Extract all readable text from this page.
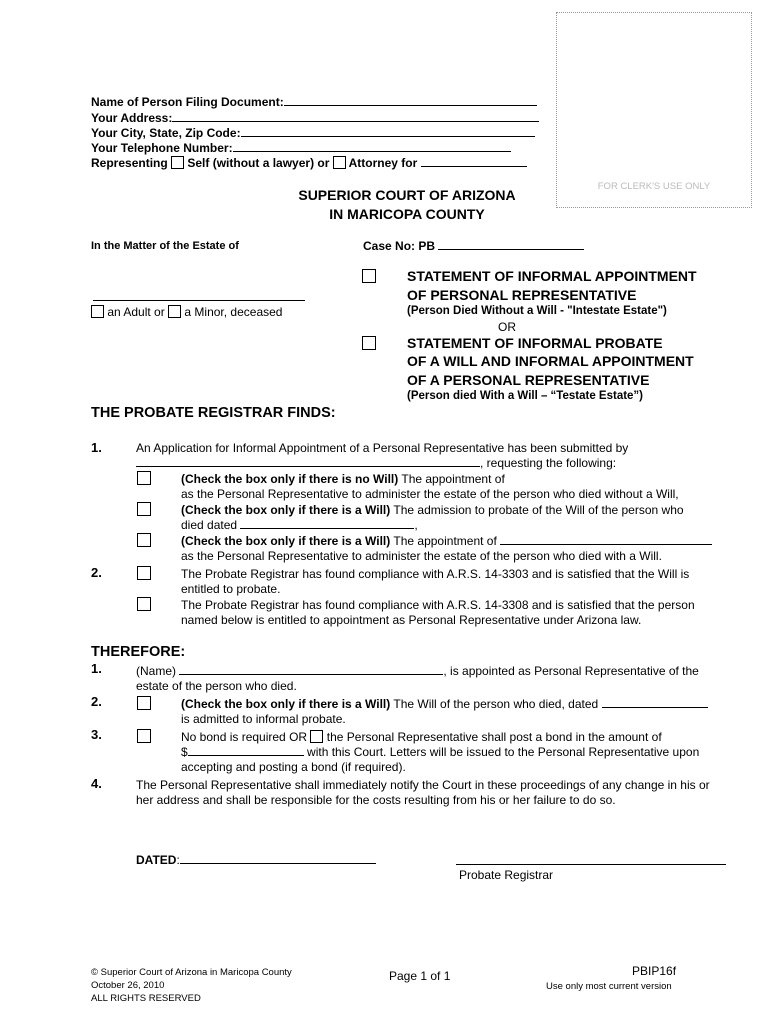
Name of Person Filing Document:
Your Address:
Your City, State, Zip Code:
Your Telephone Number:
Representing Self (without a lawyer) or Attorney for
FOR CLERK'S USE ONLY
SUPERIOR COURT OF ARIZONA
IN MARICOPA COUNTY
In the Matter of the Estate of	Case No: PB
an Adult or a Minor, deceased
STATEMENT OF INFORMAL APPOINTMENT
OF PERSONAL REPRESENTATIVE
(Person Died Without a Will - "Intestate Estate")
OR
STATEMENT OF INFORMAL PROBATE
OF A WILL AND INFORMAL APPOINTMENT
OF A PERSONAL REPRESENTATIVE
(Person died With a Will – “Testate Estate”)
THE PROBATE REGISTRAR FINDS:
1.	An Application for Informal Appointment of a Personal Representative has been submitted by
, requesting the following:
(Check the box only if there is no Will) The appointment of
as the Personal Representative to administer the estate of the person who died without a Will,
(Check the box only if there is a Will) The admission to probate of the Will of the person who
died dated	,
(Check the box only if there is a Will) The appointment of
as the Personal Representative to administer the estate of the person who died with a Will.
2.	The Probate Registrar has found compliance with A.R.S. 14-3303 and is satisfied that the Will is
entitled to probate.
The Probate Registrar has found compliance with A.R.S. 14-3308 and is satisfied that the person
named below is entitled to appointment as Personal Representative under Arizona law.
THEREFORE:
1.	(Name)	, is appointed as Personal Representative of the
estate of the person who died.
2.	(Check the box only if there is a Will) The Will of the person who died, dated
is admitted to informal probate.
3.	No bond is required OR the Personal Representative shall post a bond in the amount of
$	with this Court. Letters will be issued to the Personal Representative upon
accepting and posting a bond (if required).
4.	The Personal Representative shall immediately notify the Court in these proceedings of any change in his or
her address and shall be responsible for the costs resulting from his or her failure to do so.
DATED:
Probate Registrar
© Superior Court of Arizona in Maricopa County
October 26, 2010
ALL RIGHTS RESERVED
Page 1 of 1	PBIP16f
Use only most current version
